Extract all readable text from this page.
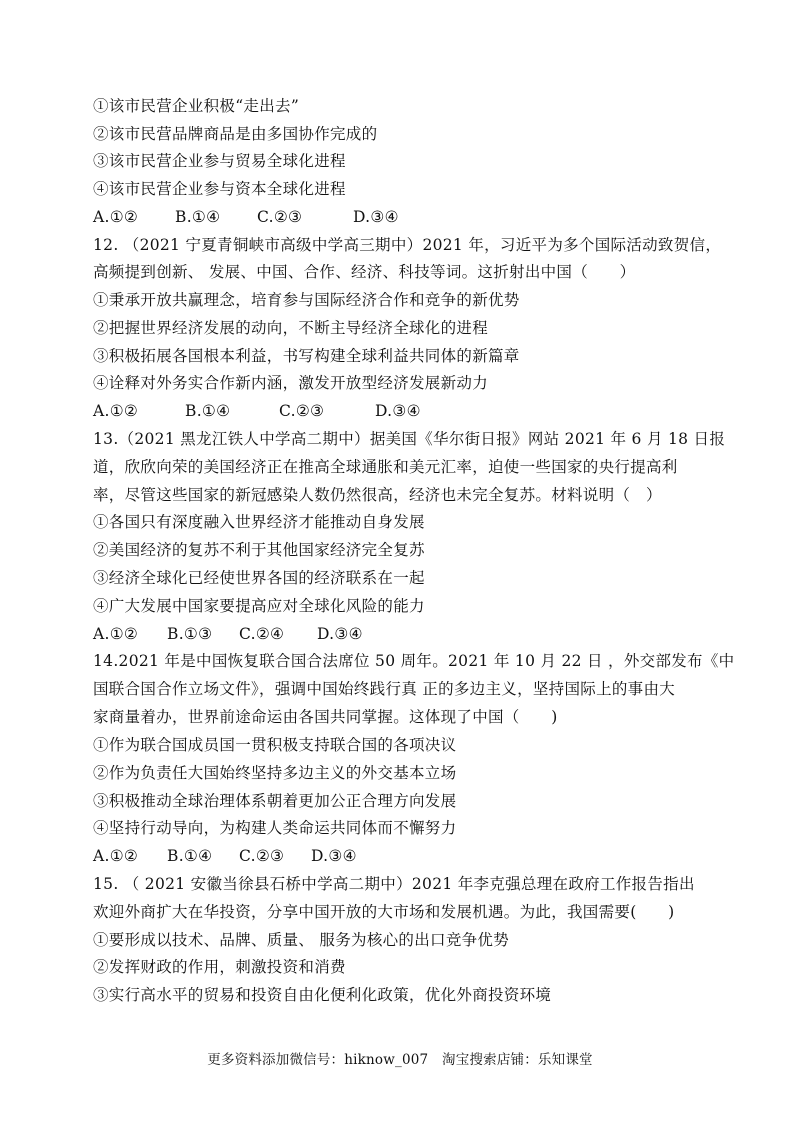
①该市民营企业积极“走出去”
②该市民营品牌商品是由多国协作完成的
③该市民营企业参与贸易全球化进程
④该市民营企业参与资本全球化进程
A.①② B.①④ C.②③	D.③④
12. （2021 宁夏青铜峡市高级中学高三期中）2021 年，习近平为多个国际活动致贺信，
高频提到创新、 发展、中国、合作、经济、科技等词。这折射出中国（　　）
①秉承开放共赢理念，培育参与国际经济合作和竞争的新优势
②把握世界经济发展的动向，不断主导经济全球化的进程
③积极拓展各国根本利益，书写构建全球利益共同体的新篇章
④诠释对外务实合作新内涵，激发开放型经济发展新动力
A.①②	B.①④	C.②③	D.③④
13.（2021 黑龙江铁人中学高二期中）据美国《华尔街日报》网站 2021 年 6 月 18 日报
道，欣欣向荣的美国经济正在推高全球通胀和美元汇率，迫使一些国家的央行提高利
率，尽管这些国家的新冠感染人数仍然很高，经济也未完全复苏。材料说明（　）
①各国只有深度融入世界经济才能推动自身发展
②美国经济的复苏不利于其他国家经济完全复苏
③经济全球化已经使世界各国的经济联系在一起
④广大发展中国家要提高应对全球化风险的能力
A.①② B.①③ C.②④ D.③④
14.2021 年是中国恢复联合国合法席位 50 周年。2021 年 10 月 22 日 ，外交部发布《中
国联合国合作立场文件》，强调中国始终践行真 正的多边主义，坚持国际上的事由大
家商量着办，世界前途命运由各国共同掌握。这体现了中国（　　)
①作为联合国成员国一贯积极支持联合国的各项决议
②作为负责任大国始终坚持多边主义的外交基本立场
③积极推动全球治理体系朝着更加公正合理方向发展
④坚持行动导向，为构建人类命运共同体而不懈努力
A.①② B.①④ C.②③ D.③④
15. （ 2021 安徽当徐县石桥中学高二期中）2021 年李克强总理在政府工作报告指出
欢迎外商扩大在华投资，分享中国开放的大市场和发展机遇。为此，我国需要(　　)
①要形成以技术、品牌、质量、 服务为核心的出口竞争优势
②发挥财政的作用，刺激投资和消费
③实行高水平的贸易和投资自由化便利化政策，优化外商投资环境
更多资料添加微信号：hiknow_007　淘宝搜索店铺：乐知课堂
